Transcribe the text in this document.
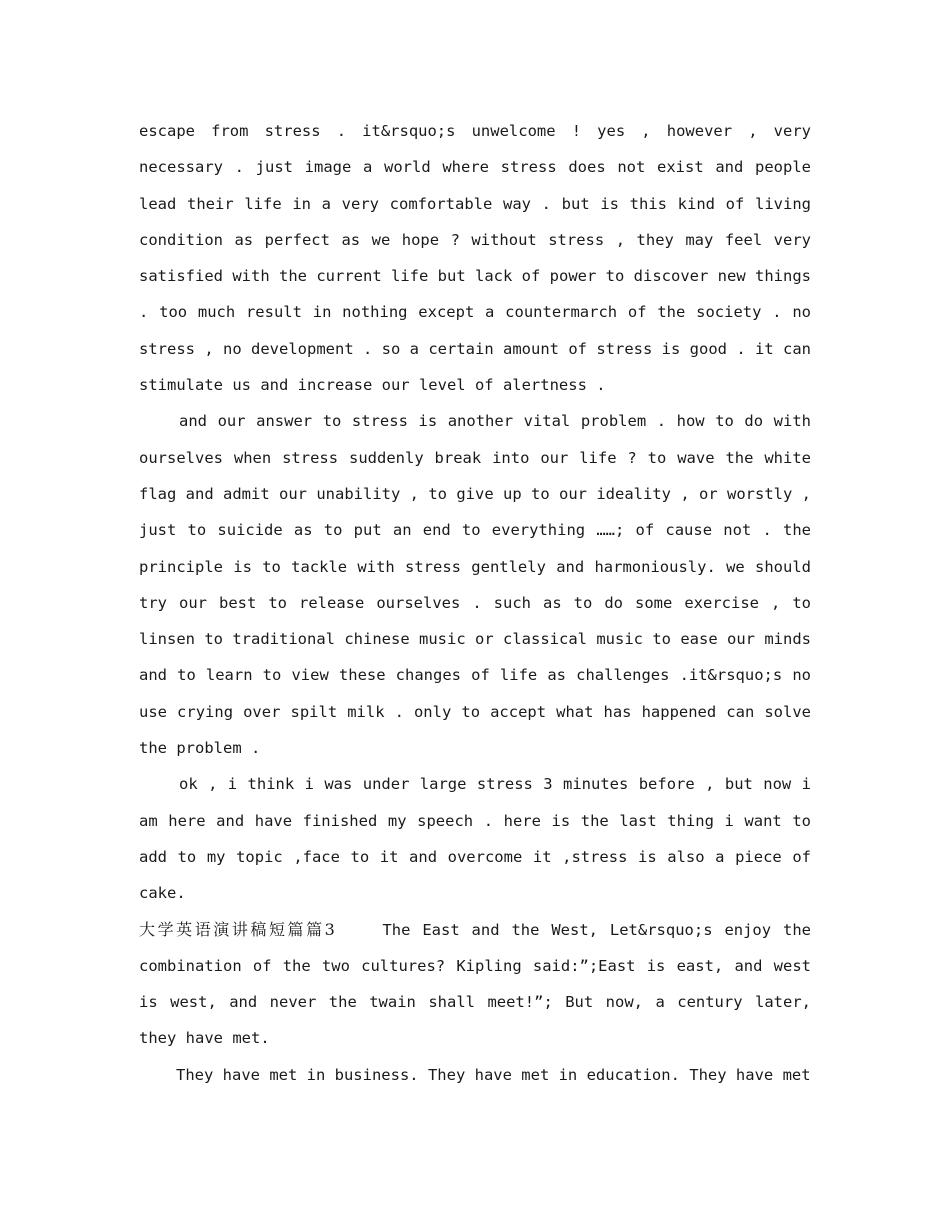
escape from stress . it&rsquo;s unwelcome ! yes , however , very necessary . just image a world where stress does not exist and people lead their life in a very comfortable way . but is this kind of living condition as perfect as we hope ? without stress , they may feel very satisfied with the current life but lack of power to discover new things . too much result in nothing except a countermarch of the society . no stress , no development . so a certain amount of stress is good . it can stimulate us and increase our level of alertness .

and our answer to stress is another vital problem . how to do with ourselves when stress suddenly break into our life ? to wave the white flag and admit our unability , to give up to our ideality , or worstly , just to suicide as to put an end to everything ……; of cause not . the principle is to tackle with stress gentlely and harmoniously. we should try our best to release ourselves . such as to do some exercise , to linsen to traditional chinese music or classical music to ease our minds and to learn to view these changes of life as challenges .it&rsquo;s no use crying over spilt milk . only to accept what has happened can solve the problem .

ok , i think i was under large stress 3 minutes before , but now i am here and have finished my speech . here is the last thing i want to add to my topic ,face to it and overcome it ,stress is also a piece of cake.

大学英语演讲稿短篇篇3    The East and the West, Let&rsquo;s enjoy the combination of the two cultures? Kipling said:”;East is east, and west is west, and never the twain shall meet!”; But now, a century later, they have met.

They have met in business. They have met in education. They have met
